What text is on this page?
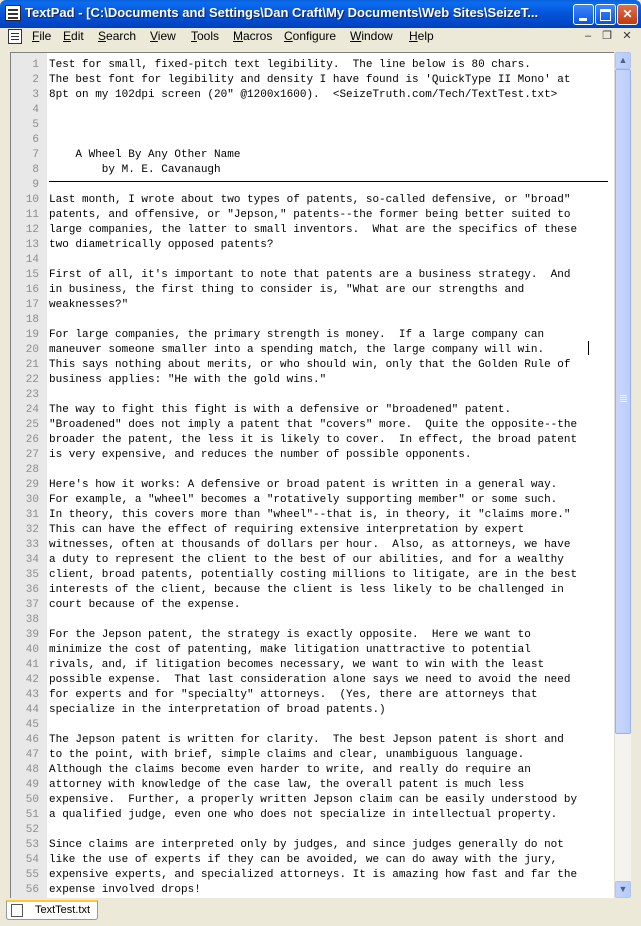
TextPad - [C:\Documents and Settings\Dan Craft\My Documents\Web Sites\SeizeT...
✕
File Edit Search View Tools Macros Configure Window Help	–	❐ ✕
1
2
3
4
5
6
7
8
9
10
11
12
13
14
15
16
17
18
19
20
21
22
23
24
25
26
27
28
29
30
31
32
33
34
35
36
37
38
39
40
41
42
43
44
45
46
47
48
49
50
51
52
53
54
55
56
Test for small, fixed-pitch text legibility.  The line below is 80 chars.
The best font for legibility and density I have found is 'QuickType II Mono' at
8pt on my 102dpi screen (20" @1200x1600).  <SeizeTruth.com/Tech/TextTest.txt>
A Wheel By Any Other Name
by M. E. Cavanaugh
Last month, I wrote about two types of patents, so-called defensive, or "broad"
patents, and offensive, or "Jepson," patents--the former being better suited to
large companies, the latter to small inventors.  What are the specifics of these
two diametrically opposed patents?
First of all, it's important to note that patents are a business strategy.  And
in business, the first thing to consider is, "What are our strengths and
weaknesses?"
For large companies, the primary strength is money.  If a large company can
maneuver someone smaller into a spending match, the large company will win.
This says nothing about merits, or who should win, only that the Golden Rule of
business applies: "He with the gold wins."
The way to fight this fight is with a defensive or "broadened" patent.
"Broadened" does not imply a patent that "covers" more.  Quite the opposite--the
broader the patent, the less it is likely to cover.  In effect, the broad patent
is very expensive, and reduces the number of possible opponents.
Here's how it works: A defensive or broad patent is written in a general way.
For example, a "wheel" becomes a "rotatively supporting member" or some such.
In theory, this covers more than "wheel"--that is, in theory, it "claims more."
This can have the effect of requiring extensive interpretation by expert
witnesses, often at thousands of dollars per hour.  Also, as attorneys, we have
a duty to represent the client to the best of our abilities, and for a wealthy
client, broad patents, potentially costing millions to litigate, are in the best
interests of the client, because the client is less likely to be challenged in
court because of the expense.
For the Jepson patent, the strategy is exactly opposite.  Here we want to
minimize the cost of patenting, make litigation unattractive to potential
rivals, and, if litigation becomes necessary, we want to win with the least
possible expense.  That last consideration alone says we need to avoid the need
for experts and for "specialty" attorneys.  (Yes, there are attorneys that
specialize in the interpretation of broad patents.)
The Jepson patent is written for clarity.  The best Jepson patent is short and
to the point, with brief, simple claims and clear, unambiguous language.
Although the claims become even harder to write, and really do require an
attorney with knowledge of the case law, the overall patent is much less
expensive.  Further, a properly written Jepson claim can be easily understood by
a qualified judge, even one who does not specialize in intellectual property.
Since claims are interpreted only by judges, and since judges generally do not
like the use of experts if they can be avoided, we can do away with the jury,
expensive experts, and specialized attorneys. It is amazing how fast and far the
expense involved drops!
▲
▼
TextTest.txt
